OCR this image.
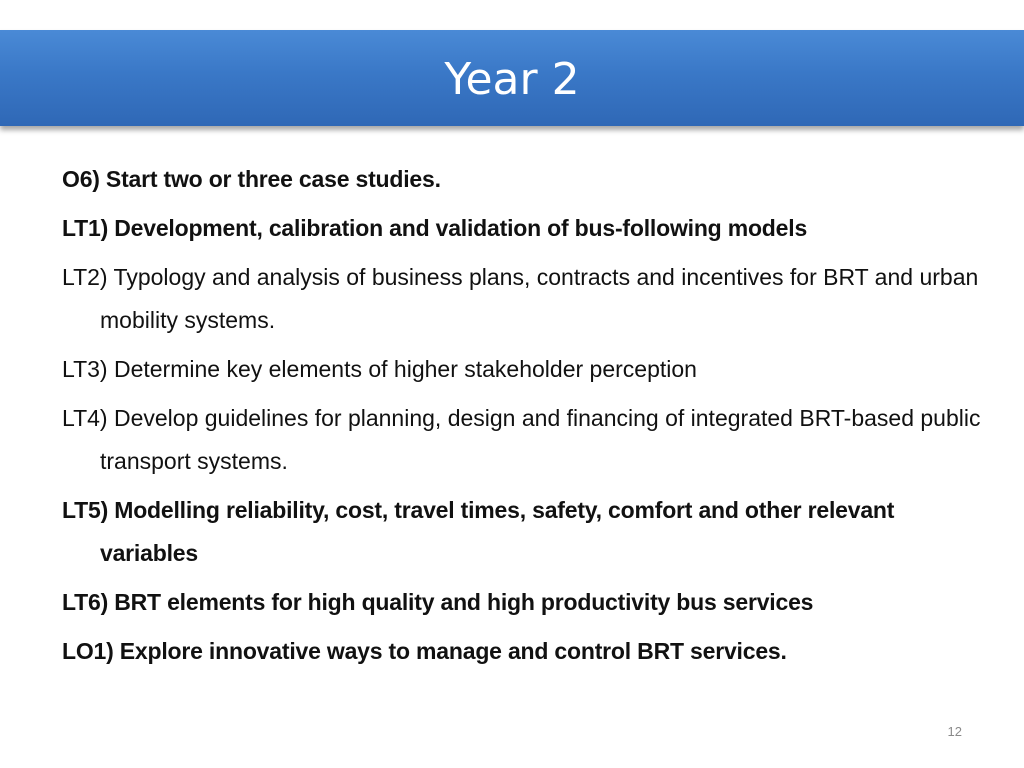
Year 2
O6) Start two or three case studies.
LT1) Development, calibration and validation of bus-following models
LT2) Typology and analysis of business plans, contracts and incentives for BRT and urban mobility systems.
LT3) Determine key elements of higher stakeholder perception
LT4) Develop guidelines for planning, design and financing of integrated BRT-based public transport systems.
LT5) Modelling reliability, cost, travel times, safety, comfort and other relevant variables
LT6) BRT elements for high quality and high productivity bus services
LO1) Explore innovative ways to manage and control BRT services.
12
